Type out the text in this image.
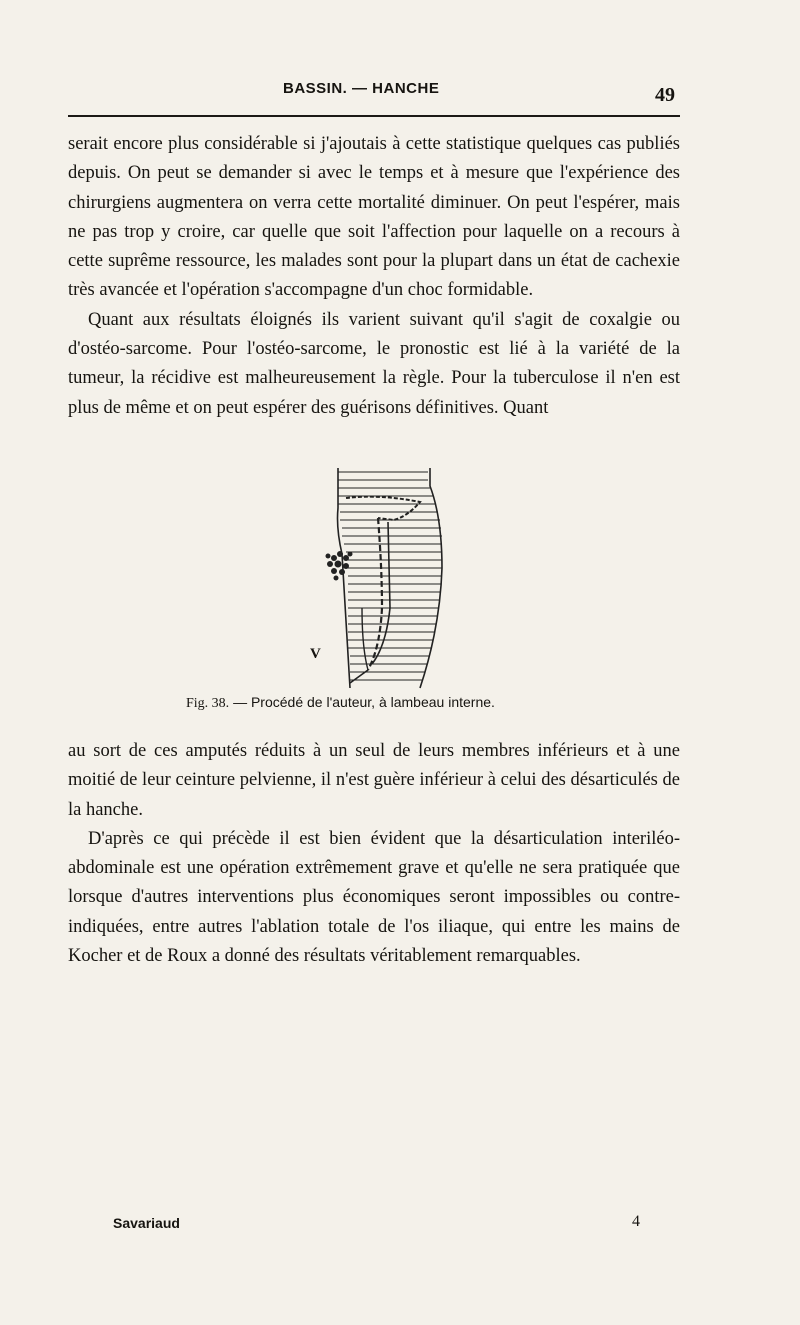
BASSIN. — HANCHE	49

serait encore plus considérable si j'ajoutais à cette statistique quelques cas publiés depuis. On peut se demander si avec le temps et à mesure que l'expérience des chirurgiens augmentera on verra cette mortalité diminuer. On peut l'espérer, mais ne pas trop y croire, car quelle que soit l'affection pour laquelle on a recours à cette suprême ressource, les malades sont pour la plupart dans un état de cachexie très avancée et l'opération s'accompagne d'un choc formidable.

Quant aux résultats éloignés ils varient suivant qu'il s'agit de coxalgie ou d'ostéo-sarcome. Pour l'ostéo-sarcome, le pronostic est lié à la variété de la tumeur, la récidive est malheureusement la règle. Pour la tuberculose il n'en est plus de même et on peut espérer des guérisons définitives. Quant

V
Fig. 38. — Procédé de l'auteur, à lambeau interne.

au sort de ces amputés réduits à un seul de leurs membres inférieurs et à une moitié de leur ceinture pelvienne, il n'est guère inférieur à celui des désarticulés de la hanche.

D'après ce qui précède il est bien évident que la désarticulation interiléo-abdominale est une opération extrêmement grave et qu'elle ne sera pratiquée que lorsque d'autres interventions plus économiques seront impossibles ou contre-indiquées, entre autres l'ablation totale de l'os iliaque, qui entre les mains de Kocher et de Roux a donné des résultats véritablement remarquables.

Savariaud	4
